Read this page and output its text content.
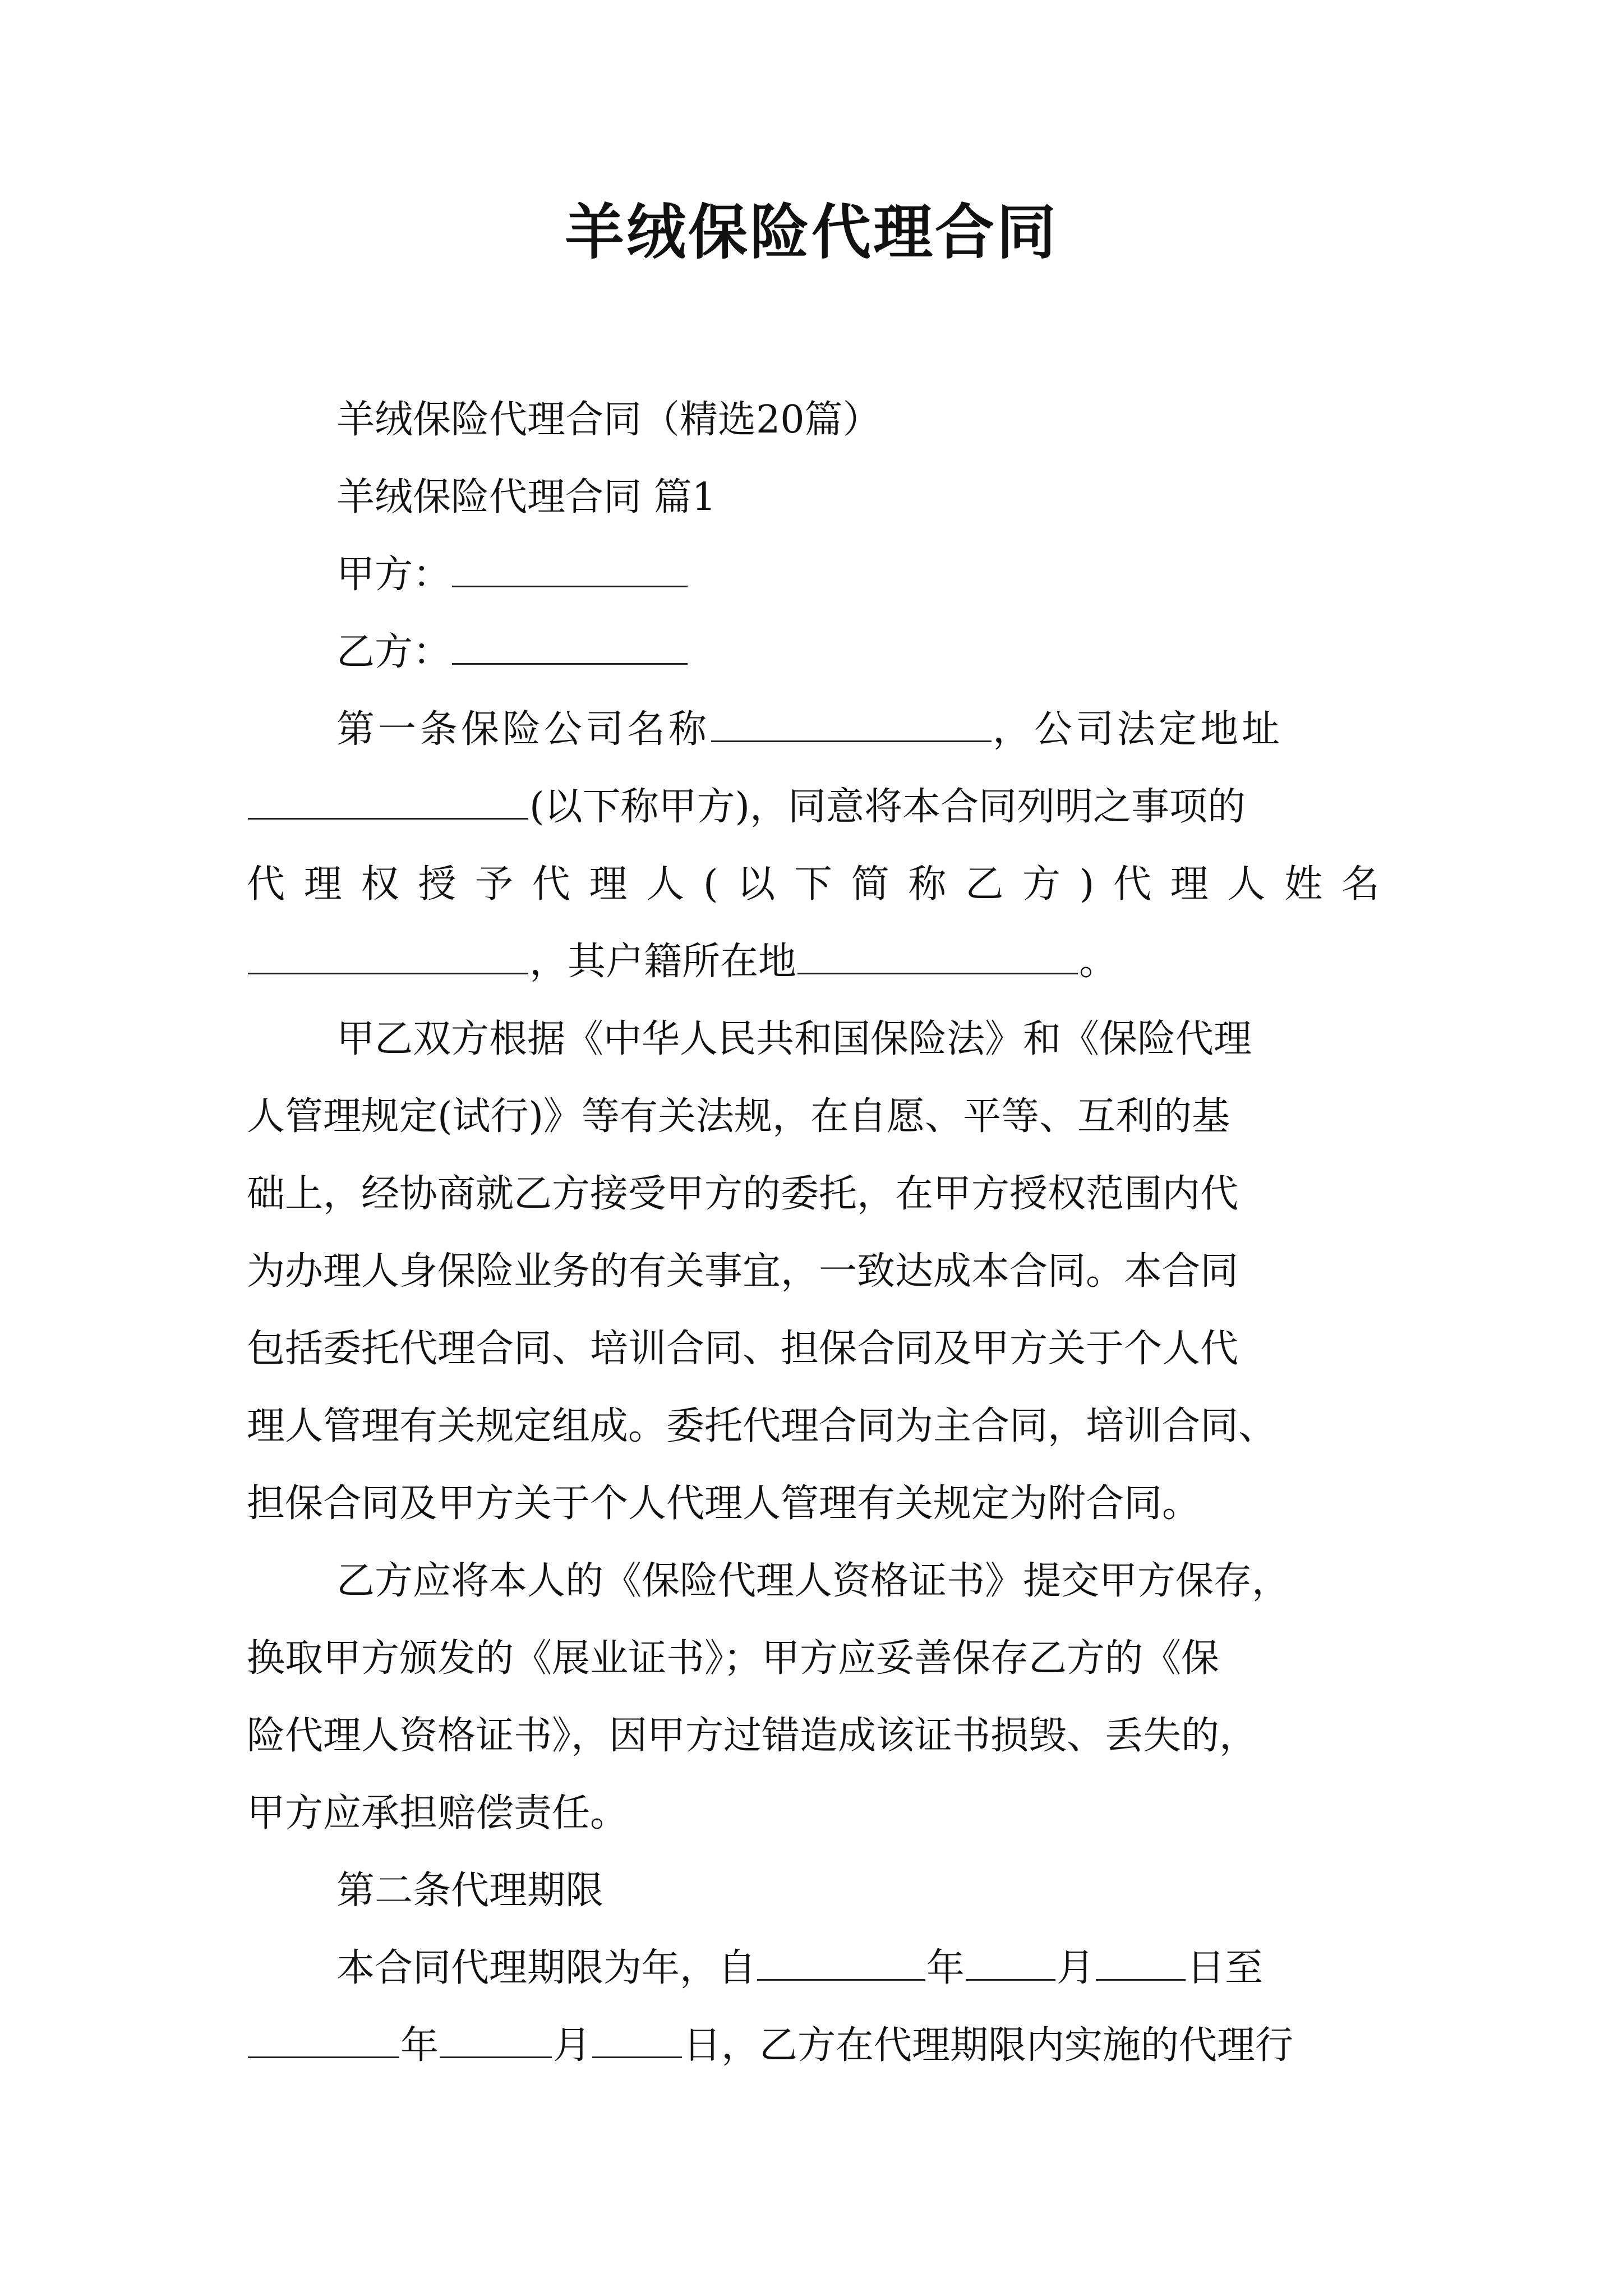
羊绒保险代理合同
羊绒保险代理合同（精选20篇）
羊绒保险代理合同 篇1
甲方：
乙方：
第一条保险公司名称	，公司法定地址
(以下称甲方)，同意将本合同列明之事项的
代理权授予代理人(以下简称乙方)代理人姓名
，其户籍所在地	。
甲乙双方根据《中华人民共和国保险法》和《保险代理
人管理规定(试行)》等有关法规，在自愿、平等、互利的基
础上，经协商就乙方接受甲方的委托，在甲方授权范围内代
为办理人身保险业务的有关事宜，一致达成本合同。本合同
包括委托代理合同、培训合同、担保合同及甲方关于个人代
理人管理有关规定组成。委托代理合同为主合同，培训合同、
担保合同及甲方关于个人代理人管理有关规定为附合同。
乙方应将本人的《保险代理人资格证书》提交甲方保存，
换取甲方颁发的《展业证书》；甲方应妥善保存乙方的《保
险代理人资格证书》，因甲方过错造成该证书损毁、丢失的，
甲方应承担赔偿责任。
第二条代理期限
本合同代理期限为年，自	年 月 日至
年	月 日，乙方在代理期限内实施的代理行
